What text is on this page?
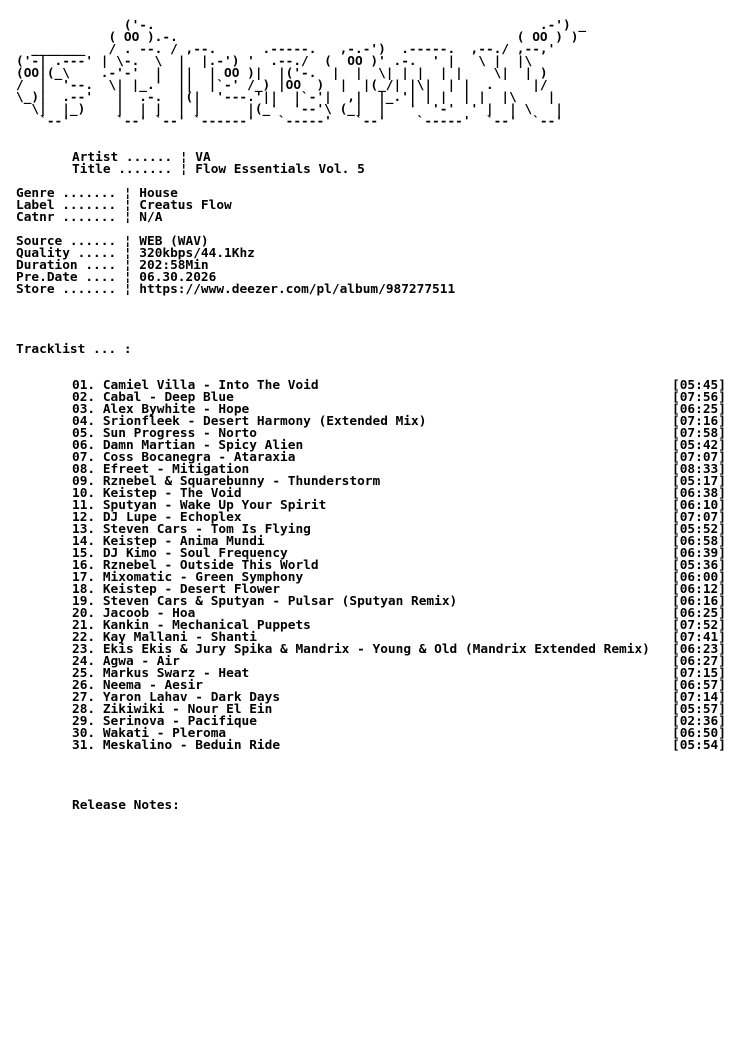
('-.                                                  .-') _
( OO ).-.                                            ( OO ) )
_______   / . --. / ,--.      .-----.   ,-.-')  .-----.  ,--./ ,--,'
('-| .---' | \-.  \  |  |.-') '  .--./  (  OO )' .-.  ' |   \ |  |\
(OO|(_\    .-'-'  |  ||  | OO )|  |('-.  |  |  \| | |  | |    \|  | )
/  |  '--.  \| |_.'  ||  |`-' /_) |OO  )  |  |(_/| |\|  | |  .     |/
\_)|  .--'   |  .-.  |(|  '---.'||  |`-'|  ,|  |_.'| | |  | |  |\    |
\|  |_)    |  | |  | |      |(_'  '--'\ (_|  |   '  '-'  ' |  | \   |
`--'      `--' `--' `------'   `-----'   `--'    `-----'  `--'  `--'
Artist ...... ¦ VA
Title ....... ¦ Flow Essentials Vol. 5
Genre ....... ¦ House
Label ....... ¦ Creatus Flow
Catnr ....... ¦ N/A
Source ...... ¦ WEB (WAV)
Quality ..... ¦ 320kbps/44.1Khz
Duration .... ¦ 202:58Min
Pre.Date .... ¦ 06.30.2026
Store ....... ¦ https://www.deezer.com/pl/album/987277511
Tracklist ... :
01. Camiel Villa - Into The Void	[05:45]
02. Cabal - Deep Blue	[07:56]
03. Alex Bywhite - Hope	[06:25]
04. Srionfleek - Desert Harmony (Extended Mix)	[07:16]
05. Sun Progress - Norto	[07:58]
06. Damn Martian - Spicy Alien	[05:42]
07. Coss Bocanegra - Ataraxia	[07:07]
08. Efreet - Mitigation	[08:33]
09. Rznebel & Squarebunny - Thunderstorm	[05:17]
10. Keistep - The Void	[06:38]
11. Sputyan - Wake Up Your Spirit	[06:10]
12. DJ Lupe - Echoplex	[07:07]
13. Steven Cars - Tom Is Flying	[05:52]
14. Keistep - Anima Mundi	[06:58]
15. DJ Kimo - Soul Frequency	[06:39]
16. Rznebel - Outside This World	[05:36]
17. Mixomatic - Green Symphony	[06:00]
18. Keistep - Desert Flower	[06:12]
19. Steven Cars & Sputyan - Pulsar (Sputyan Remix)	[06:16]
20. Jacoob - Hoa	[06:25]
21. Kankin - Mechanical Puppets	[07:52]
22. Kay Mallani - Shanti	[07:41]
23. Ekis Ekis & Jury Spika & Mandrix - Young & Old (Mandrix Extended Remix) [06:23]
24. Agwa - Air	[06:27]
25. Markus Swarz - Heat	[07:15]
26. Neema - Aesir	[06:57]
27. Yaron Lahav - Dark Days	[07:14]
28. Zikiwiki - Nour El Ein	[05:57]
29. Serinova - Pacifique	[02:36]
30. Wakati - Pleroma	[06:50]
31. Meskalino - Beduin Ride	[05:54]
Release Notes:
